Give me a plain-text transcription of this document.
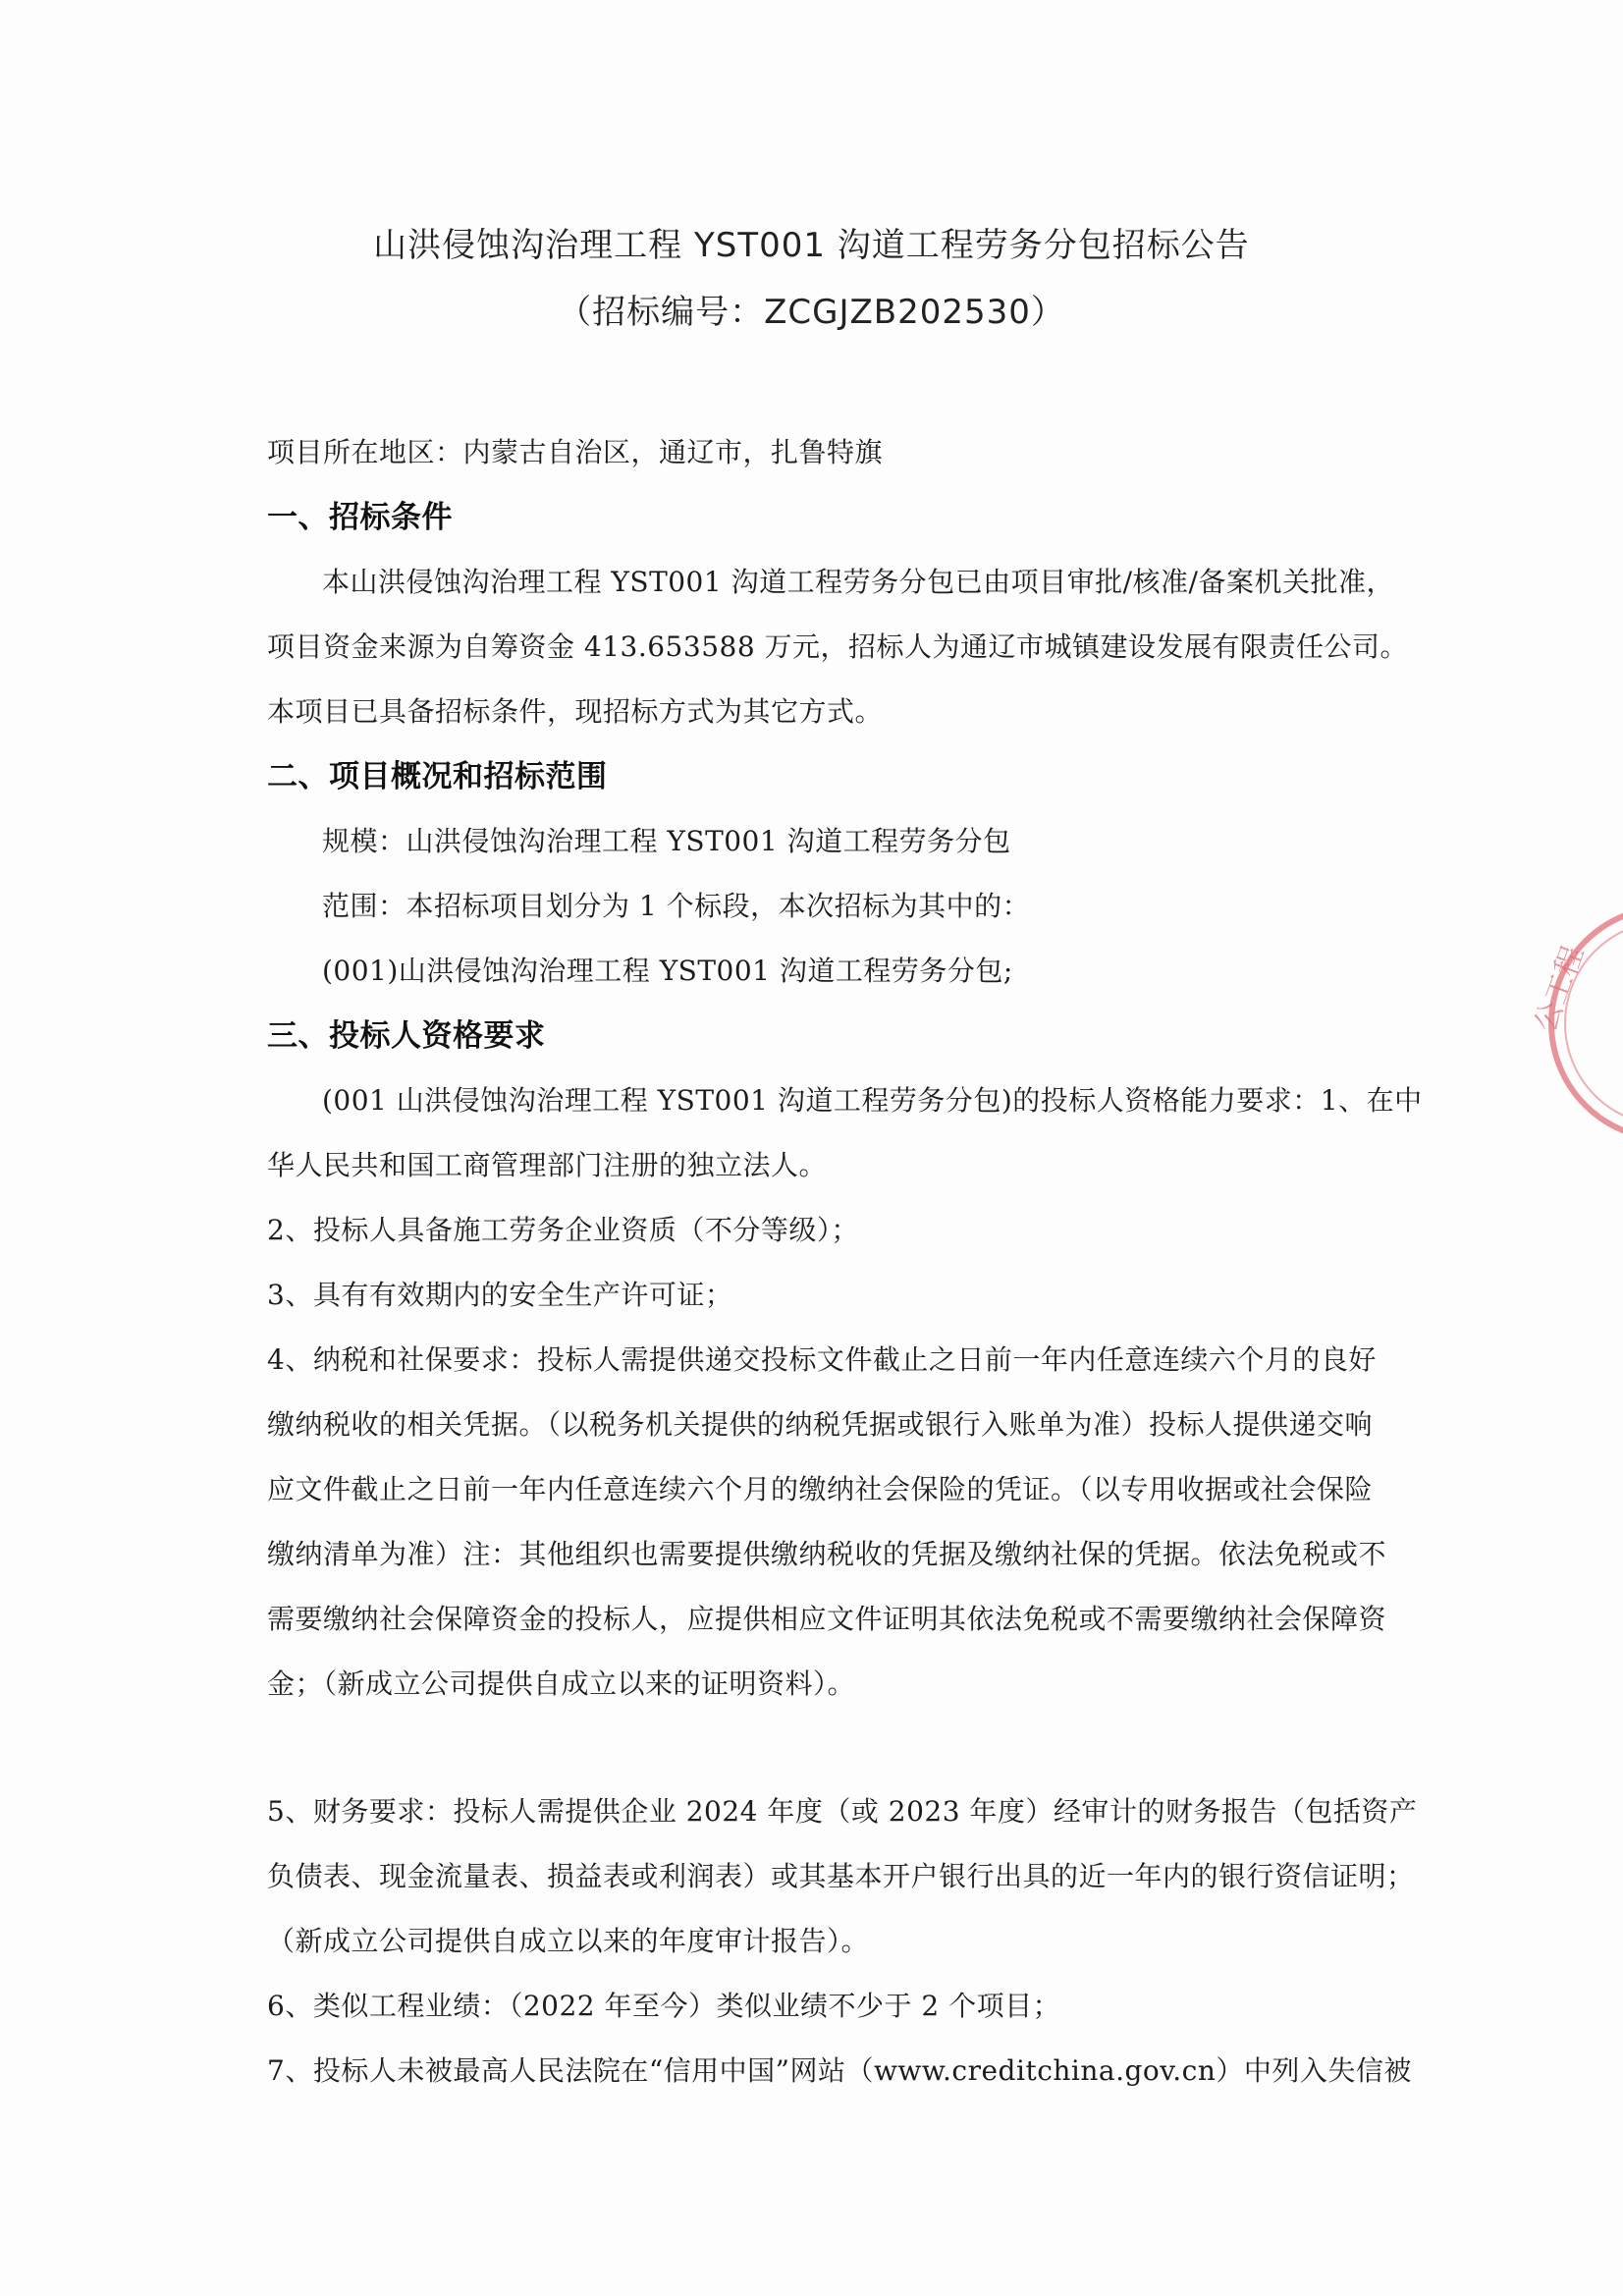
山洪侵蚀沟治理工程 YST001 沟道工程劳务分包招标公告
（招标编号：ZCGJZB202530）
项目所在地区：内蒙古自治区，通辽市，扎鲁特旗
一、招标条件
本山洪侵蚀沟治理工程 YST001 沟道工程劳务分包已由项目审批/核准/备案机关批准，
项目资金来源为自筹资金 413.653588 万元，招标人为通辽市城镇建设发展有限责任公司。
本项目已具备招标条件，现招标方式为其它方式。
二、项目概况和招标范围
规模：山洪侵蚀沟治理工程 YST001 沟道工程劳务分包
范围：本招标项目划分为 1 个标段，本次招标为其中的：
(001)山洪侵蚀沟治理工程 YST001 沟道工程劳务分包;
三、投标人资格要求
(001 山洪侵蚀沟治理工程 YST001 沟道工程劳务分包)的投标人资格能力要求：1、在中
华人民共和国工商管理部门注册的独立法人。
2、投标人具备施工劳务企业资质（不分等级）；
3、具有有效期内的安全生产许可证；
4、纳税和社保要求：投标人需提供递交投标文件截止之日前一年内任意连续六个月的良好
缴纳税收的相关凭据。（以税务机关提供的纳税凭据或银行入账单为准）投标人提供递交响
应文件截止之日前一年内任意连续六个月的缴纳社会保险的凭证。（以专用收据或社会保险
缴纳清单为准）注：其他组织也需要提供缴纳税收的凭据及缴纳社保的凭据。依法免税或不
需要缴纳社会保障资金的投标人，应提供相应文件证明其依法免税或不需要缴纳社会保障资
金；（新成立公司提供自成立以来的证明资料）。
5、财务要求：投标人需提供企业 2024 年度（或 2023 年度）经审计的财务报告（包括资产
负债表、现金流量表、损益表或利润表）或其基本开户银行出具的近一年内的银行资信证明；
（新成立公司提供自成立以来的年度审计报告）。
6、类似工程业绩：（2022 年至今）类似业绩不少于 2 个项目；
7、投标人未被最高人民法院在“信用中国”网站（www.creditchina.gov.cn）中列入失信被
公工程
